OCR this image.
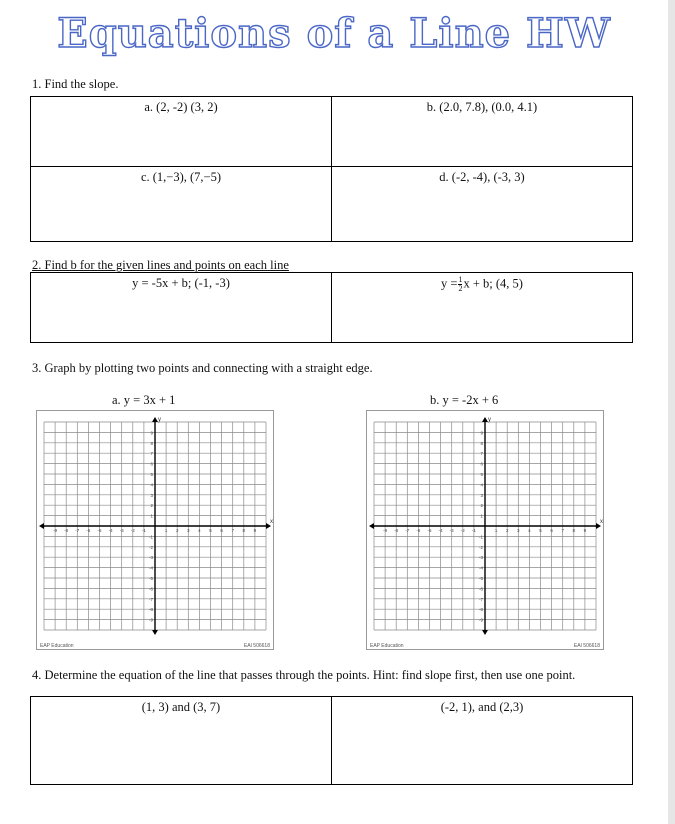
Equations of a Line HW
1. Find the slope.
a. (2, -2) (3, 2)	b. (2.0, 7.8), (0.0, 4.1)
c. (1,−3), (7,−5)	d. (-2, -4), (-3, 3)
2. Find b for the given lines and points on each line
y = -5x + b; (-1, -3)	$y = \frac{1}{2}$ x + b; (4, 5)
3. Graph by plotting two points and connecting with a straight edge.
a. y = 3x + 1	b. y = -2x + 6
x
y
-9
-9
-8
-8
-7
-7
-6
-6
-5
-5
-4
-4
-3
-3
-2
-2
-1
-1
1
1
2
2
3
3
4
4
5
5
6
6
7
7
8
8
9
9
EAP Education	EAI 506618
x
y
-9
-9
-8
-8
-7
-7
-6
-6
-5
-5
-4
-4
-3
-3
-2
-2
-1
-1
1
1
2
2
3
3
4
4
5
5
6
6
7
7
8
8
9
9
EAP Education	EAI 506618
4. Determine the equation of the line that passes through the points. Hint: find slope first, then use one point.
(1, 3) and (3, 7)	(-2, 1), and (2,3)
